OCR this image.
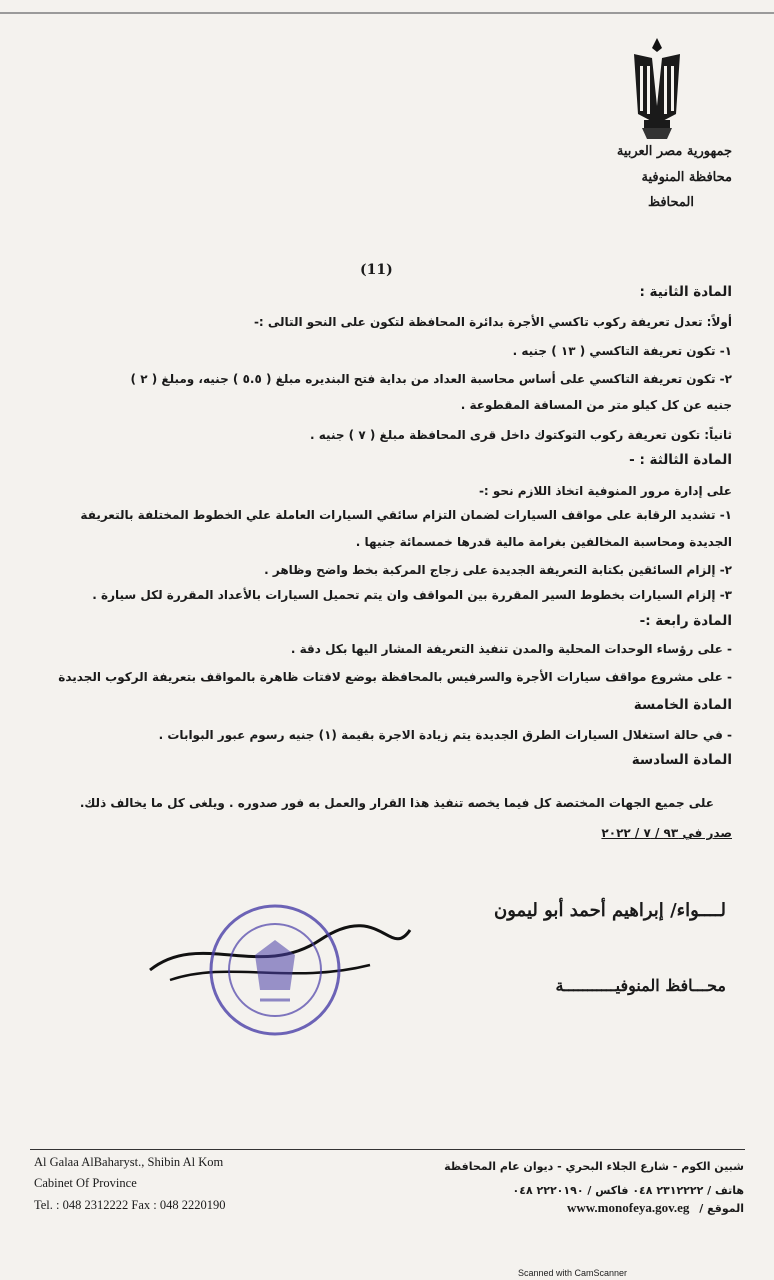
جمهورية مصر العربية
محافظة المنوفية
المحافظ
(11)
المادة الثانية :
أولاً: تعدل تعريفة ركوب تاكسي الأجرة بدائرة المحافظة لتكون على النحو التالى :-
١- تكون تعريفة التاكسي ( ١٣ ) جنيه .
٢- تكون تعريفة التاكسي على أساس محاسبة العداد من بداية فتح البنديره مبلغ ( ٥.٥ ) جنيه، ومبلغ ( ٢ )
جنيه عن كل كيلو متر من المسافة المقطوعة .
ثانياً: تكون تعريفة ركوب التوكتوك داخل قرى المحافظة مبلغ ( ٧ ) جنيه .
المادة الثالثة : -
على إدارة مرور المنوفية اتخاذ اللازم نحو :-
١- تشديد الرقابة على مواقف السيارات لضمان التزام سائقي السيارات العاملة علي الخطوط المختلفة بالتعريفة
الجديدة ومحاسبة المخالفين بغرامة مالية قدرها خمسمائة جنيها .
٢- إلزام السائقين بكتابة التعريفة الجديدة على زجاج المركبة بخط واضح وظاهر .
٣- إلزام السيارات بخطوط السير المقررة بين المواقف وان يتم تحميل السيارات بالأعداد المقررة لكل سيارة .
المادة رابعة :-
- على رؤساء الوحدات المحلية والمدن تنفيذ التعريفة المشار اليها بكل دقة .
- على مشروع مواقف سيارات الأجرة والسرفيس بالمحافظة بوضع لافتات ظاهرة بالمواقف بتعريفة الركوب الجديدة
المادة الخامسة
- في حالة استغلال السيارات الطرق الجديدة يتم زيادة الاجرة بقيمة (١) جنيه رسوم عبور البوابات .
المادة السادسة
على جميع الجهات المختصة كل فيما يخصه تنفيذ هذا القرار والعمل به فور صدوره . ويلغى كل ما يخالف ذلك.
صدر في ٩٣ / ٧ / ٢٠٢٢
لــــواء/ إبراهيم أحمد أبو ليمون
محـــافظ المنوفيـــــــــــة
Al Galaa AlBaharyst., Shibin Al Kom
Cabinet Of Province
Tel. : 048 2312222 Fax : 048 2220190
شبين الكوم - شارع الجلاء البحري - ديوان عام المحافظة
هاتف / ٢٣١٢٢٢٢ ٠٤٨ فاكس / ٢٢٢٠١٩٠ ٠٤٨
الموقع / www.monofeya.gov.eg
Scanned with CamScanner
